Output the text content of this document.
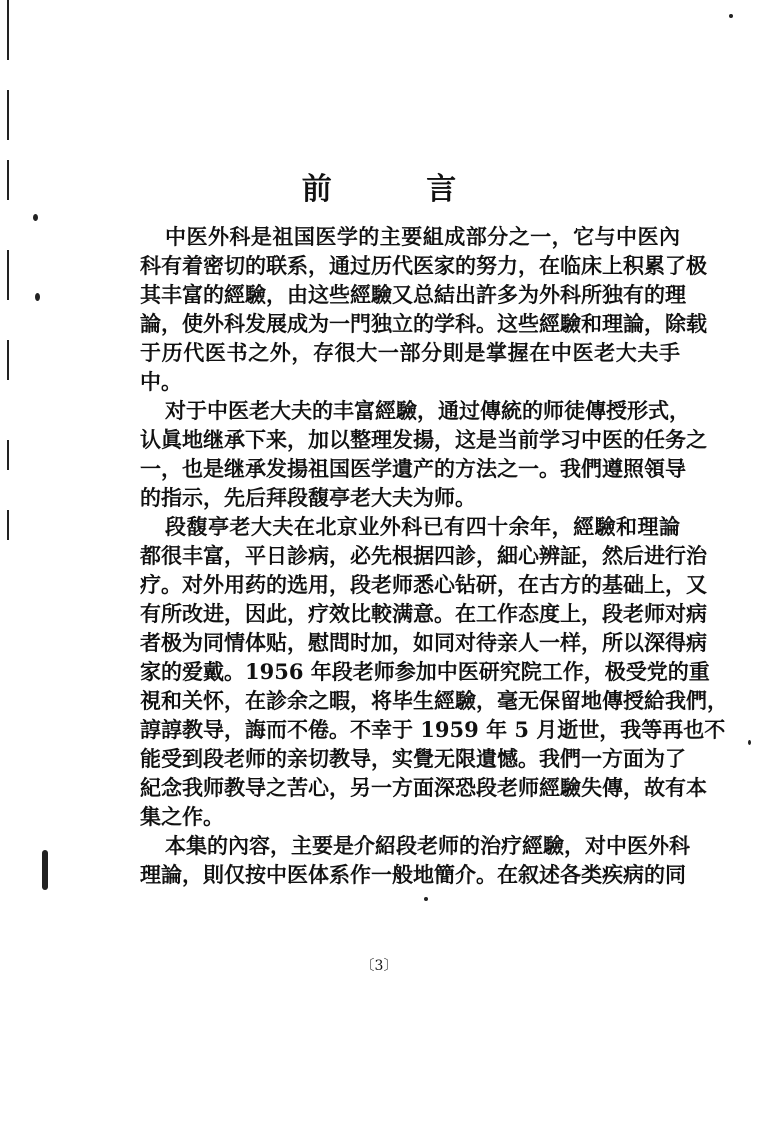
前 言
中医外科是祖国医学的主要組成部分之一，它与中医內
科有着密切的联系，通过历代医家的努力，在临床上积累了极
其丰富的經驗，由这些經驗又总結出許多为外科所独有的理
論，使外科发展成为一門独立的学科。这些經驗和理論，除载
于历代医书之外，存很大一部分則是掌握在中医老大夫手
中。
对于中医老大夫的丰富經驗，通过傳統的师徒傳授形式，
认眞地继承下来，加以整理发揚，这是当前学习中医的任务之
一，也是继承发揚祖国医学遺产的方法之一。我們遵照領导
的指示，先后拜段馥亭老大夫为师。
段馥亭老大夫在北京业外科已有四十余年，經驗和理論
都很丰富，平日診病，必先根据四診，細心辨証，然后进行治
疗。对外用药的选用，段老师悉心钻研，在古方的基础上，又
有所改进，因此，疗效比較满意。在工作态度上，段老师对病
者极为同情体贴，慰問时加，如同对待亲人一样，所以深得病
家的爱戴。1956 年段老师参加中医研究院工作，极受党的重
視和关怀，在診余之暇，将毕生經驗，毫无保留地傳授給我們，
諄諄教导，誨而不倦。不幸于 1959 年 5 月逝世，我等再也不
能受到段老师的亲切教导，实覺无限遺憾。我們一方面为了
紀念我师教导之苦心，另一方面深恐段老师經驗失傳，故有本
集之作。
本集的內容，主要是介紹段老师的治疗經驗，对中医外科
理論，則仅按中医体系作一般地簡介。在叙述各类疾病的同
〔3〕
